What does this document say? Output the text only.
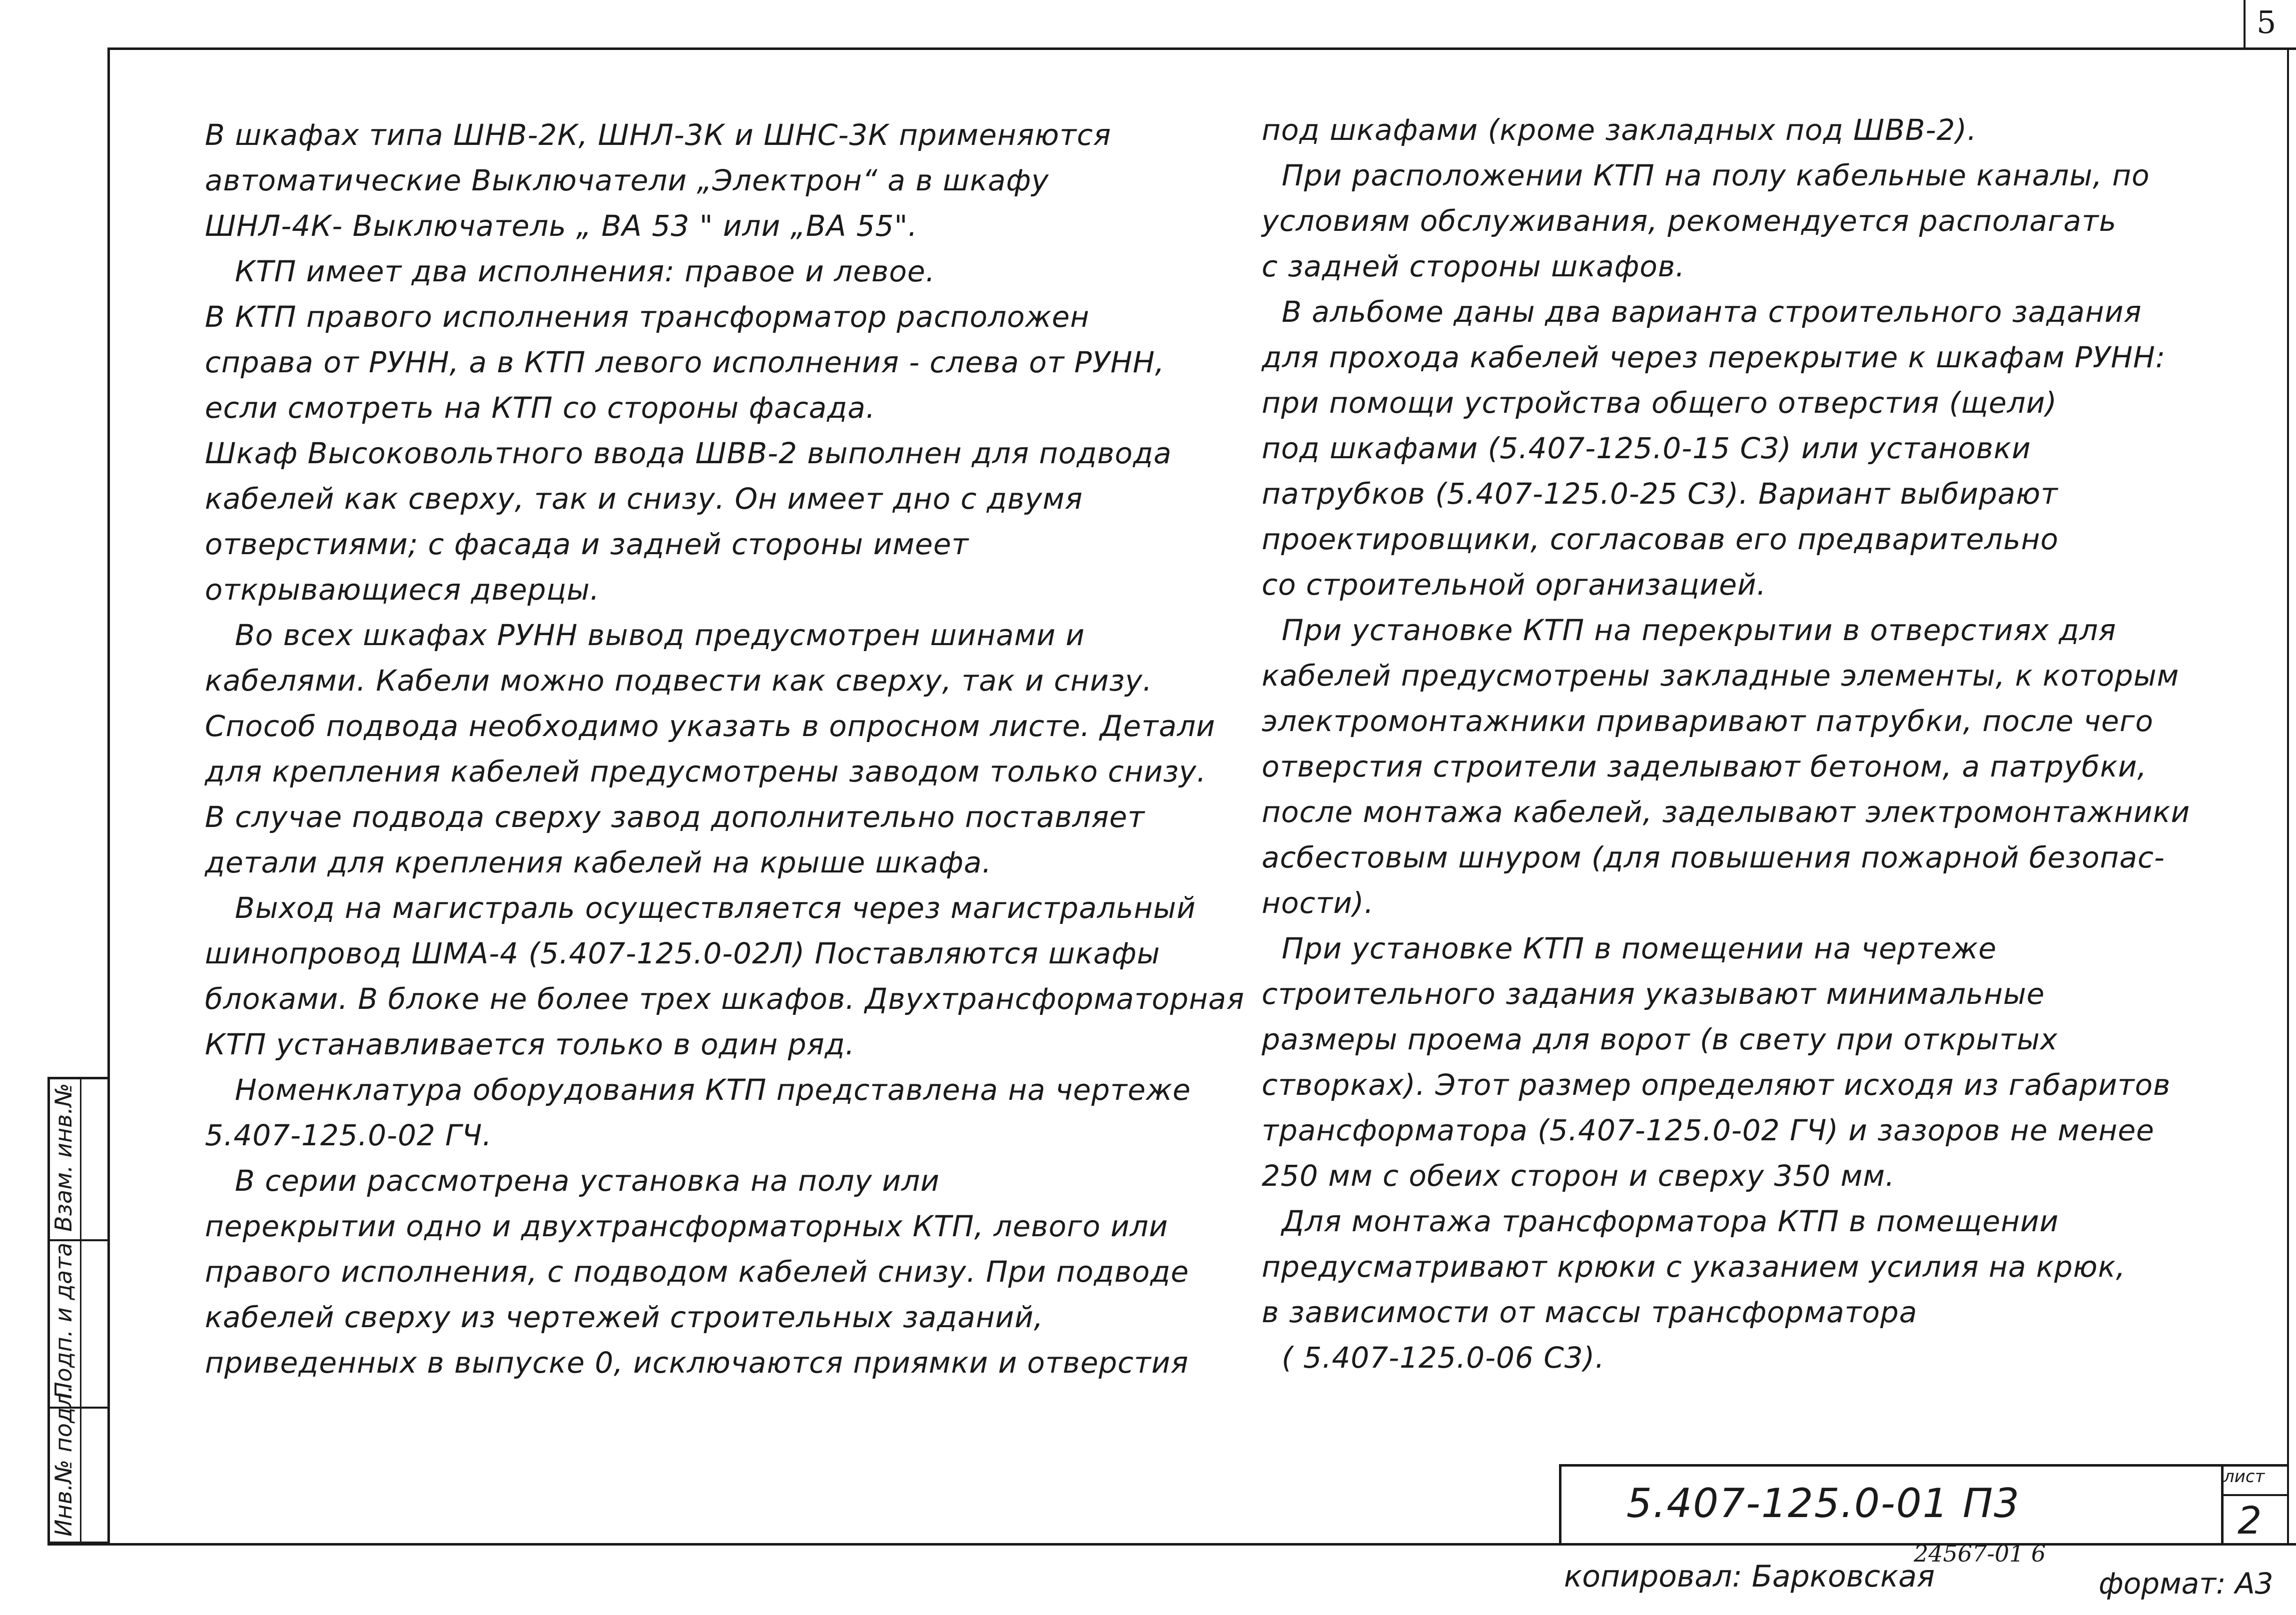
5

В шкафах типа ШНВ-2К, ШНЛ-3К и ШНС-3К применяются

автоматические Выключатели „Электрон“ а в шкафу

ШНЛ-4К- Выключатель „ ВА 53 " или „ВА 55".

КТП имеет два исполнения: правое и левое.

В КТП правого исполнения трансформатор расположен

справа от РУНН, а в КТП левого исполнения - слева от РУНН,

если смотреть на КТП со стороны фасада.

Шкаф Высоковольтного ввода ШВВ-2 выполнен для подвода

кабелей как сверху, так и снизу. Он имеет дно с двумя

отверстиями; с фасада и задней стороны имеет

открывающиеся дверцы.

Во всех шкафах РУНН вывод предусмотрен шинами и

кабелями. Кабели можно подвести как сверху, так и снизу.

Способ подвода необходимо указать в опросном листе. Детали

для крепления кабелей предусмотрены заводом только снизу.

В случае подвода сверху завод дополнительно поставляет

детали для крепления кабелей на крыше шкафа.

Выход на магистраль осуществляется через магистральный

шинопровод ШМА-4 (5.407-125.0-02Л) Поставляются шкафы

блоками. В блоке не более трех шкафов. Двухтрансформаторная

КТП устанавливается только в один ряд.

Номенклатура оборудования КТП представлена на чертеже

5.407-125.0-02 ГЧ.

В серии рассмотрена установка на полу или

перекрытии одно и двухтрансформаторных КТП, левого или

правого исполнения, с подводом кабелей снизу. При подводе

кабелей сверху из чертежей строительных заданий,

приведенных в выпуске 0, исключаются приямки и отверстия

под шкафами (кроме закладных под ШВВ-2).

При расположении КТП на полу кабельные каналы, по

условиям обслуживания, рекомендуется располагать

с задней стороны шкафов.

В альбоме даны два варианта строительного задания

для прохода кабелей через перекрытие к шкафам РУНН:

при помощи устройства общего отверстия (щели)

под шкафами (5.407-125.0-15 С3) или установки

патрубков (5.407-125.0-25 С3). Вариант выбирают

проектировщики, согласовав его предварительно

со строительной организацией.

При установке КТП на перекрытии в отверстиях для

кабелей предусмотрены закладные элементы, к которым

электромонтажники приваривают патрубки, после чего

отверстия строители заделывают бетоном, а патрубки,

после монтажа кабелей, заделывают электромонтажники

асбестовым шнуром (для повышения пожарной безопас-

ности).

При установке КТП в помещении на чертеже

строительного задания указывают минимальные

размеры проема для ворот (в свету при открытых

створках). Этот размер определяют исходя из габаритов

трансформатора (5.407-125.0-02 ГЧ) и зазоров не менее

250 мм с обеих сторон и сверху 350 мм.

Для монтажа трансформатора КТП в помещении

предусматривают крюки с указанием усилия на крюк,

в зависимости от массы трансформатора

( 5.407-125.0-06 С3).

5.407-125.0-01 П3
лист
2
копировал: Барковская
24567-01 6
формат: А3
Инв.№ подл.
Подп. и дата
Взам. инв.№
